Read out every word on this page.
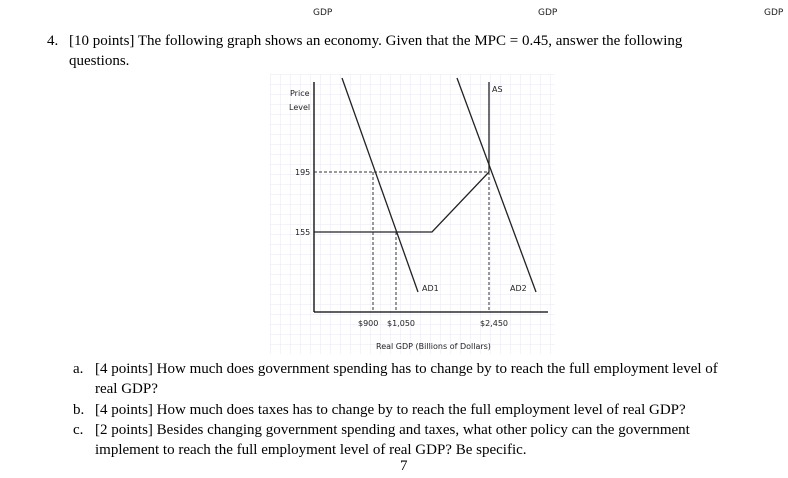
GDP	GDP	GDP
4. [10 points] The following graph shows an economy. Given that the MPC = 0.45, answer the following
questions.
Price
Level
195
155
AS
AD1	AD2
$900 $1,050	$2,450
Real GDP (Billions of Dollars)
a. [4 points] How much does government spending has to change by to reach the full employment level of
real GDP?
b. [4 points] How much does taxes has to change by to reach the full employment level of real GDP?
c. [2 points] Besides changing government spending and taxes, what other policy can the government
implement to reach the full employment level of real GDP? Be specific.
7
